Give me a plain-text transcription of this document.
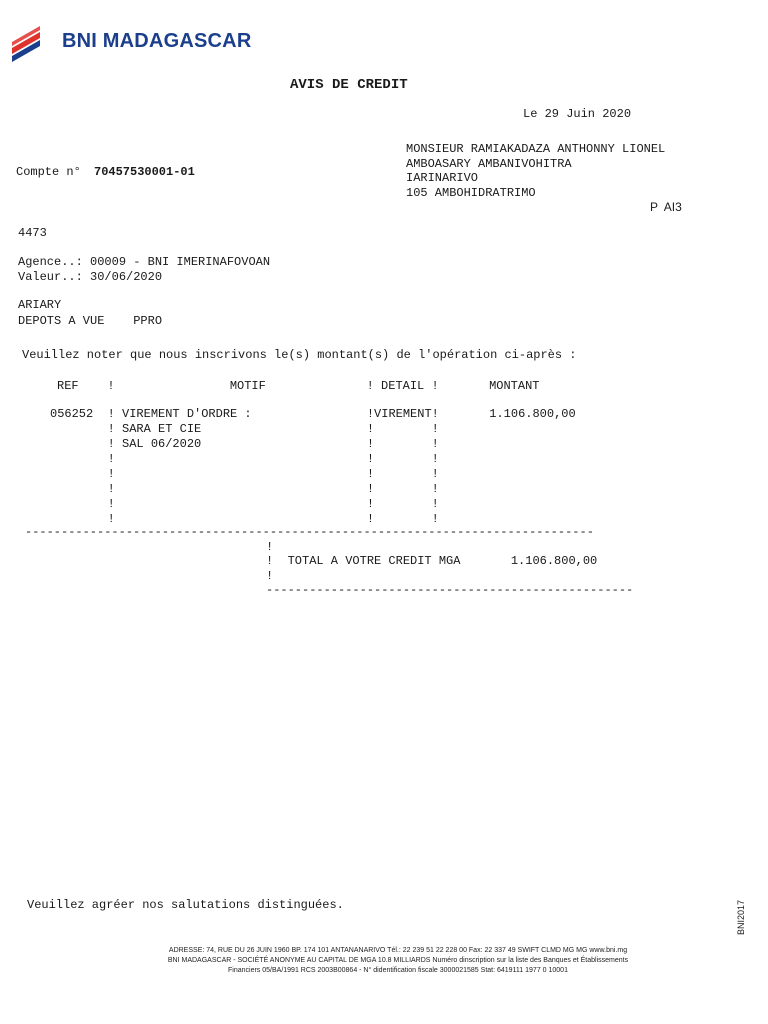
BNI MADAGASCAR
AVIS DE CREDIT
Le 29 Juin 2020
MONSIEUR RAMIAKADAZA ANTHONNY LIONEL
AMBOASARY AMBANIVOHITRA
IARINARIVO
105 AMBOHIDRATRIMO
P  AI3
Compte n° 70457530001-01
4473
Agence..: 00009 - BNI IMERINAFOVOAN
Valeur..: 30/06/2020
ARIARY
DEPOTS A VUE    PPRO
Veuillez noter que nous inscrivons le(s) montant(s) de l'opération ci-après :
REF    !                MOTIF              ! DETAIL !       MONTANT
056252  ! VIREMENT D'ORDRE :                !VIREMENT!       1.106.800,00
! SARA ET CIE                       !        !
! SAL 06/2020                       !        !
!                                   !        !
!                                   !        !
!                                   !        !
!                                   !        !
!                                   !        !
-------------------------------------------------------------------------------
!
!  TOTAL A VOTRE CREDIT MGA       1.106.800,00
!
---------------------------------------------------
Veuillez agréer nos salutations distinguées.
ADRESSE: 74, RUE DU 26 JUIN 1960 BP. 174 101 ANTANANARIVO Tél.: 22 239 51 22 228 00 Fax: 22 337 49 SWIFT CLMD MG MG www.bni.mg
BNI MADAGASCAR - SOCIÉTÉ ANONYME AU CAPITAL DE MGA 10.8 MILLIARDS Numéro dinscription sur la liste des Banques et Établissements
Financiers 05/BA/1991 RCS 2003B00864 - N° didentification fiscale 3000021585 Stat: 6419111 1977 0 10001
BNI2017
